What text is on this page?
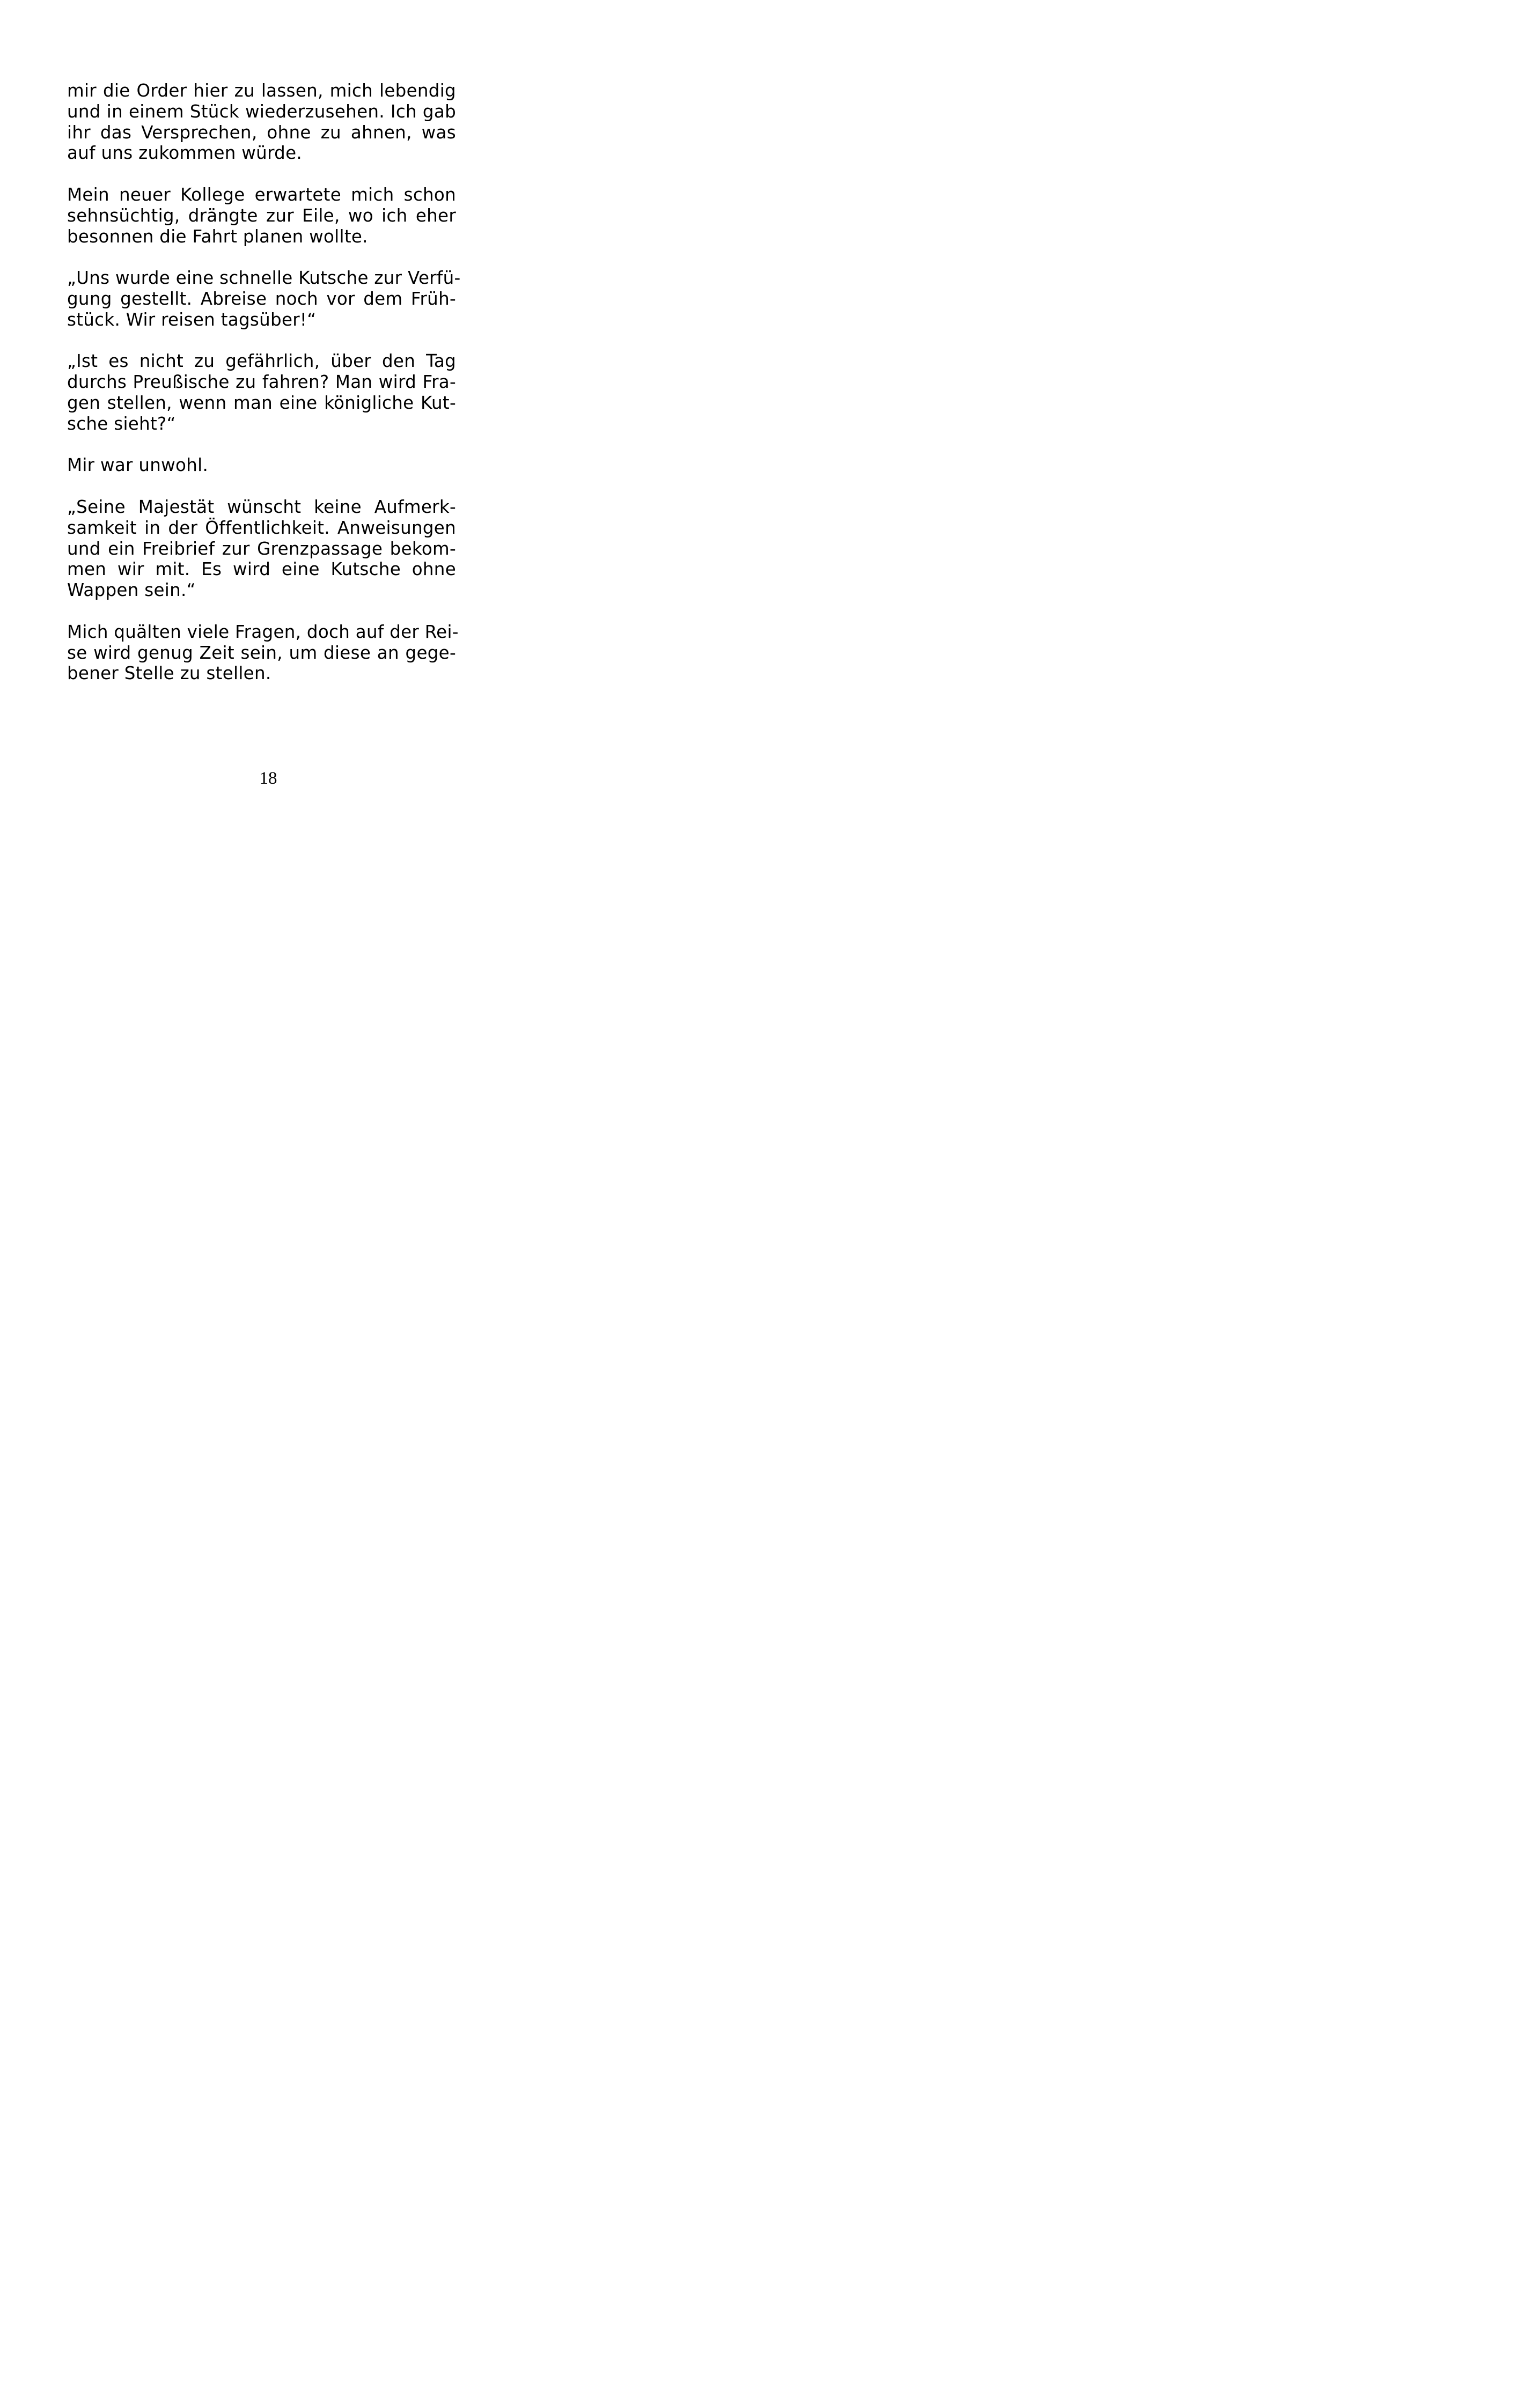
mir die Order hier zu lassen, mich lebendig
und in einem Stück wiederzusehen. Ich gab
ihr das Versprechen, ohne zu ahnen, was
auf uns zukommen würde.

Mein neuer Kollege erwartete mich schon
sehnsüchtig, drängte zur Eile, wo ich eher
besonnen die Fahrt planen wollte.

„Uns wurde eine schnelle Kutsche zur Verfü-
gung gestellt. Abreise noch vor dem Früh-
stück. Wir reisen tagsüber!“

„Ist es nicht zu gefährlich, über den Tag
durchs Preußische zu fahren? Man wird Fra-
gen stellen, wenn man eine königliche Kut-
sche sieht?“

Mir war unwohl.

„Seine Majestät wünscht keine Aufmerk-
samkeit in der Öffentlichkeit. Anweisungen
und ein Freibrief zur Grenzpassage bekom-
men wir mit. Es wird eine Kutsche ohne
Wappen sein.“

Mich quälten viele Fragen, doch auf der Rei-
se wird genug Zeit sein, um diese an gege-
bener Stelle zu stellen.

18
